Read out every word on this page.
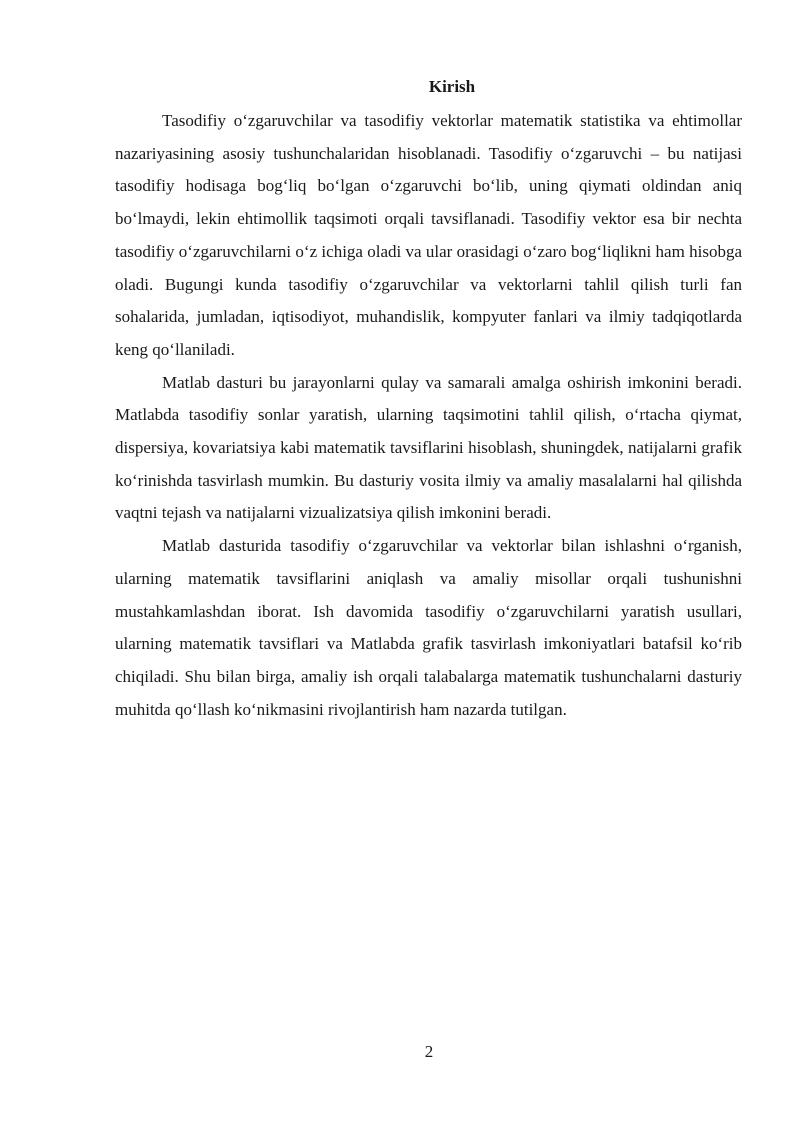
Kirish

Tasodifiy o‘zgaruvchilar va tasodifiy vektorlar matematik statistika va ehtimollar nazariyasining asosiy tushunchalaridan hisoblanadi. Tasodifiy o‘zgaruvchi – bu natijasi tasodifiy hodisaga bog‘liq bo‘lgan o‘zgaruvchi bo‘lib, uning qiymati oldindan aniq bo‘lmaydi, lekin ehtimollik taqsimoti orqali tavsiflanadi. Tasodifiy vektor esa bir nechta tasodifiy o‘zgaruvchilarni o‘z ichiga oladi va ular orasidagi o‘zaro bog‘liqlikni ham hisobga oladi. Bugungi kunda tasodifiy o‘zgaruvchilar va vektorlarni tahlil qilish turli fan sohalarida, jumladan, iqtisodiyot, muhandislik, kompyuter fanlari va ilmiy tadqiqotlarda keng qo‘llaniladi.

Matlab dasturi bu jarayonlarni qulay va samarali amalga oshirish imkonini beradi. Matlabda tasodifiy sonlar yaratish, ularning taqsimotini tahlil qilish, o‘rtacha qiymat, dispersiya, kovariatsiya kabi matematik tavsiflarini hisoblash, shuningdek, natijalarni grafik ko‘rinishda tasvirlash mumkin. Bu dasturiy vosita ilmiy va amaliy masalalarni hal qilishda vaqtni tejash va natijalarni vizualizatsiya qilish imkonini beradi.

Matlab dasturida tasodifiy o‘zgaruvchilar va vektorlar bilan ishlashni o‘rganish, ularning matematik tavsiflarini aniqlash va amaliy misollar orqali tushunishni mustahkamlashdan iborat. Ish davomida tasodifiy o‘zgaruvchilarni yaratish usullari, ularning matematik tavsiflari va Matlabda grafik tasvirlash imkoniyatlari batafsil ko‘rib chiqiladi. Shu bilan birga, amaliy ish orqali talabalarga matematik tushunchalarni dasturiy muhitda qo‘llash ko‘nikmasini rivojlantirish ham nazarda tutilgan.

2
